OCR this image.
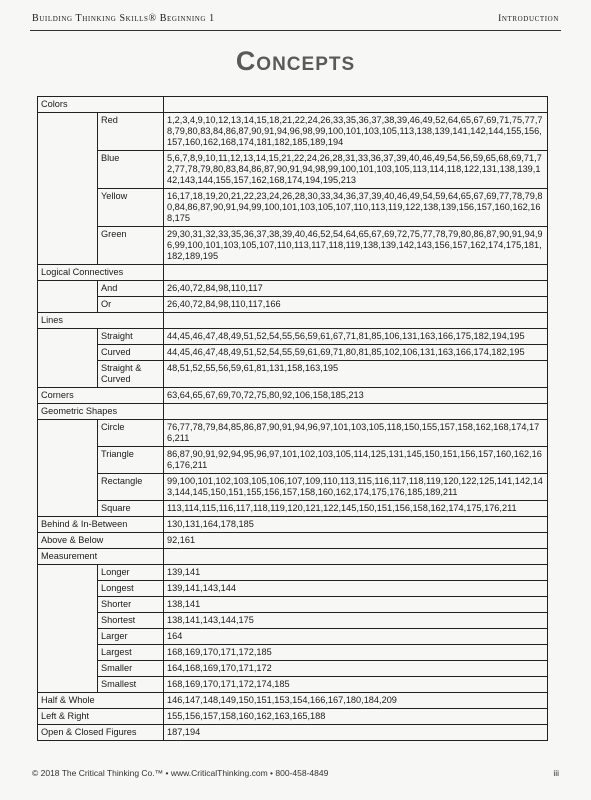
Building Thinking Skills® Beginning 1	Introduction
Concepts
Colors		
	Red	1,2,3,4,9,10,12,13,14,15,18,21,22,24,26,33,35,36,37,38,39,46,49,52,64,65,67,69,71,75,77,78,79,80,83,84,86,87,90,91,94,96,98,99,100,101,103,105,113,138,139,141,142,144,155,156,157,160,162,168,174,181,182,185,189,194
	Blue	5,6,7,8,9,10,11,12,13,14,15,21,22,24,26,28,31,33,36,37,39,40,46,49,54,56,59,65,68,69,71,72,77,78,79,80,83,84,86,87,90,91,94,98,99,100,101,103,105,113,114,118,122,131,138,139,142,143,144,155,157,162,168,174,194,195,213
	Yellow	16,17,18,19,20,21,22,23,24,26,28,30,33,34,36,37,39,40,46,49,54,59,64,65,67,69,77,78,79,80,84,86,87,90,91,94,99,100,101,103,105,107,110,113,119,122,138,139,156,157,160,162,168,175
	Green	29,30,31,32,33,35,36,37,38,39,40,46,52,54,64,65,67,69,72,75,77,78,79,80,86,87,90,91,94,96,99,100,101,103,105,107,110,113,117,118,119,138,139,142,143,156,157,162,174,175,181,182,189,195
Logical Connectives		
	And	26,40,72,84,98,110,117
	Or	26,40,72,84,98,110,117,166
Lines		
	Straight	44,45,46,47,48,49,51,52,54,55,56,59,61,67,71,81,85,106,131,163,166,175,182,194,195
	Curved	44,45,46,47,48,49,51,52,54,55,59,61,69,71,80,81,85,102,106,131,163,166,174,182,195
	Straight & Curved	48,51,52,55,56,59,61,81,131,158,163,195
Corners		63,64,65,67,69,70,72,75,80,92,106,158,185,213
Geometric Shapes		
	Circle	76,77,78,79,84,85,86,87,90,91,94,96,97,101,103,105,118,150,155,157,158,162,168,174,176,211
	Triangle	86,87,90,91,92,94,95,96,97,101,102,103,105,114,125,131,145,150,151,156,157,160,162,166,176,211
	Rectangle	99,100,101,102,103,105,106,107,109,110,113,115,116,117,118,119,120,122,125,141,142,143,144,145,150,151,155,156,157,158,160,162,174,175,176,185,189,211
	Square	113,114,115,116,117,118,119,120,121,122,145,150,151,156,158,162,174,175,176,211
Behind & In-Between		130,131,164,178,185
Above & Below		92,161
Measurement		
	Longer	139,141
	Longest	139,141,143,144
	Shorter	138,141
	Shortest	138,141,143,144,175
	Larger	164
	Largest	168,169,170,171,172,185
	Smaller	164,168,169,170,171,172
	Smallest	168,169,170,171,172,174,185
Half & Whole		146,147,148,149,150,151,153,154,166,167,180,184,209
Left & Right		155,156,157,158,160,162,163,165,188
Open & Closed Figures		187,194
© 2018 The Critical Thinking Co.™ • www.CriticalThinking.com • 800-458-4849	iii
